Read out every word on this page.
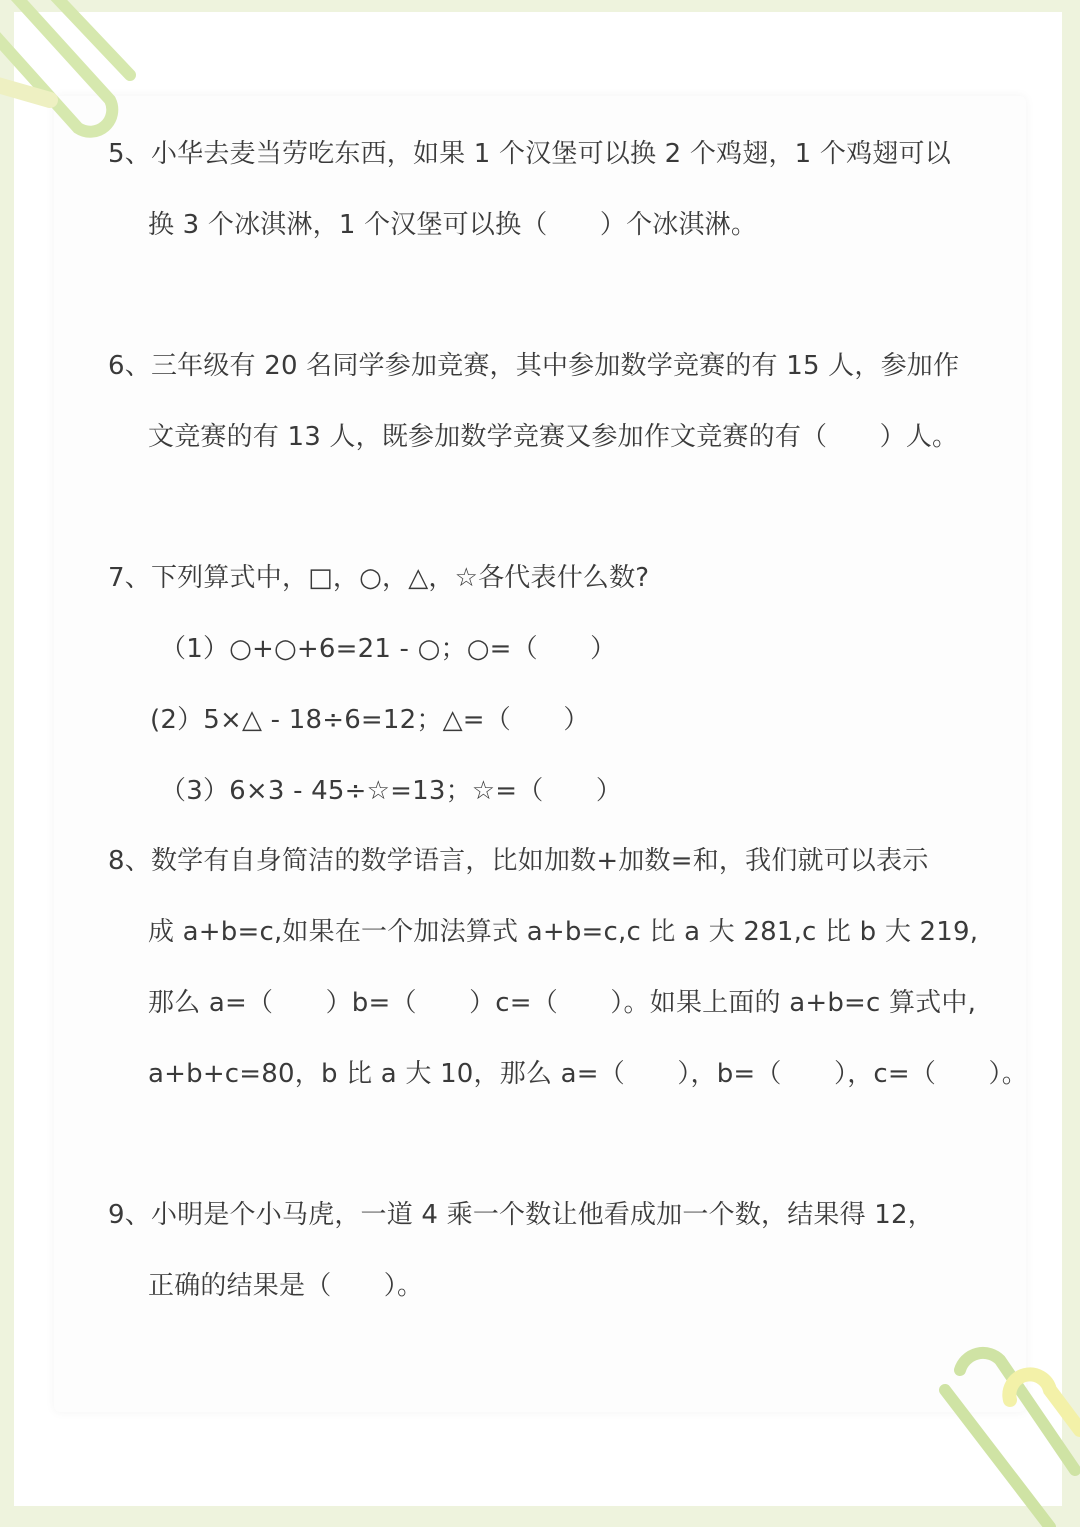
5、小华去麦当劳吃东西，如果 1 个汉堡可以换 2 个鸡翅，1 个鸡翅可以
换 3 个冰淇淋，1 个汉堡可以换（　　）个冰淇淋。
6、三年级有 20 名同学参加竞赛，其中参加数学竞赛的有 15 人，参加作
文竞赛的有 13 人，既参加数学竞赛又参加作文竞赛的有（　　）人。
7、下列算式中，□，○，△，☆各代表什么数?
（1）○+○+6=21 - ○；○=（　　）
(2）5×△ - 18÷6=12；△=（　　）
（3）6×3 - 45÷☆=13；☆=（　　）
8、数学有自身简洁的数学语言，比如加数+加数=和，我们就可以表示
成 a+b=c,如果在一个加法算式 a+b=c,c 比 a 大 281,c 比 b 大 219,
那么 a=（　　）b=（　　）c=（　　）。如果上面的 a+b=c 算式中,
a+b+c=80，b 比 a 大 10，那么 a=（　　），b=（　　），c=（　　）。
9、小明是个小马虎，一道 4 乘一个数让他看成加一个数，结果得 12，
正确的结果是（　　）。
